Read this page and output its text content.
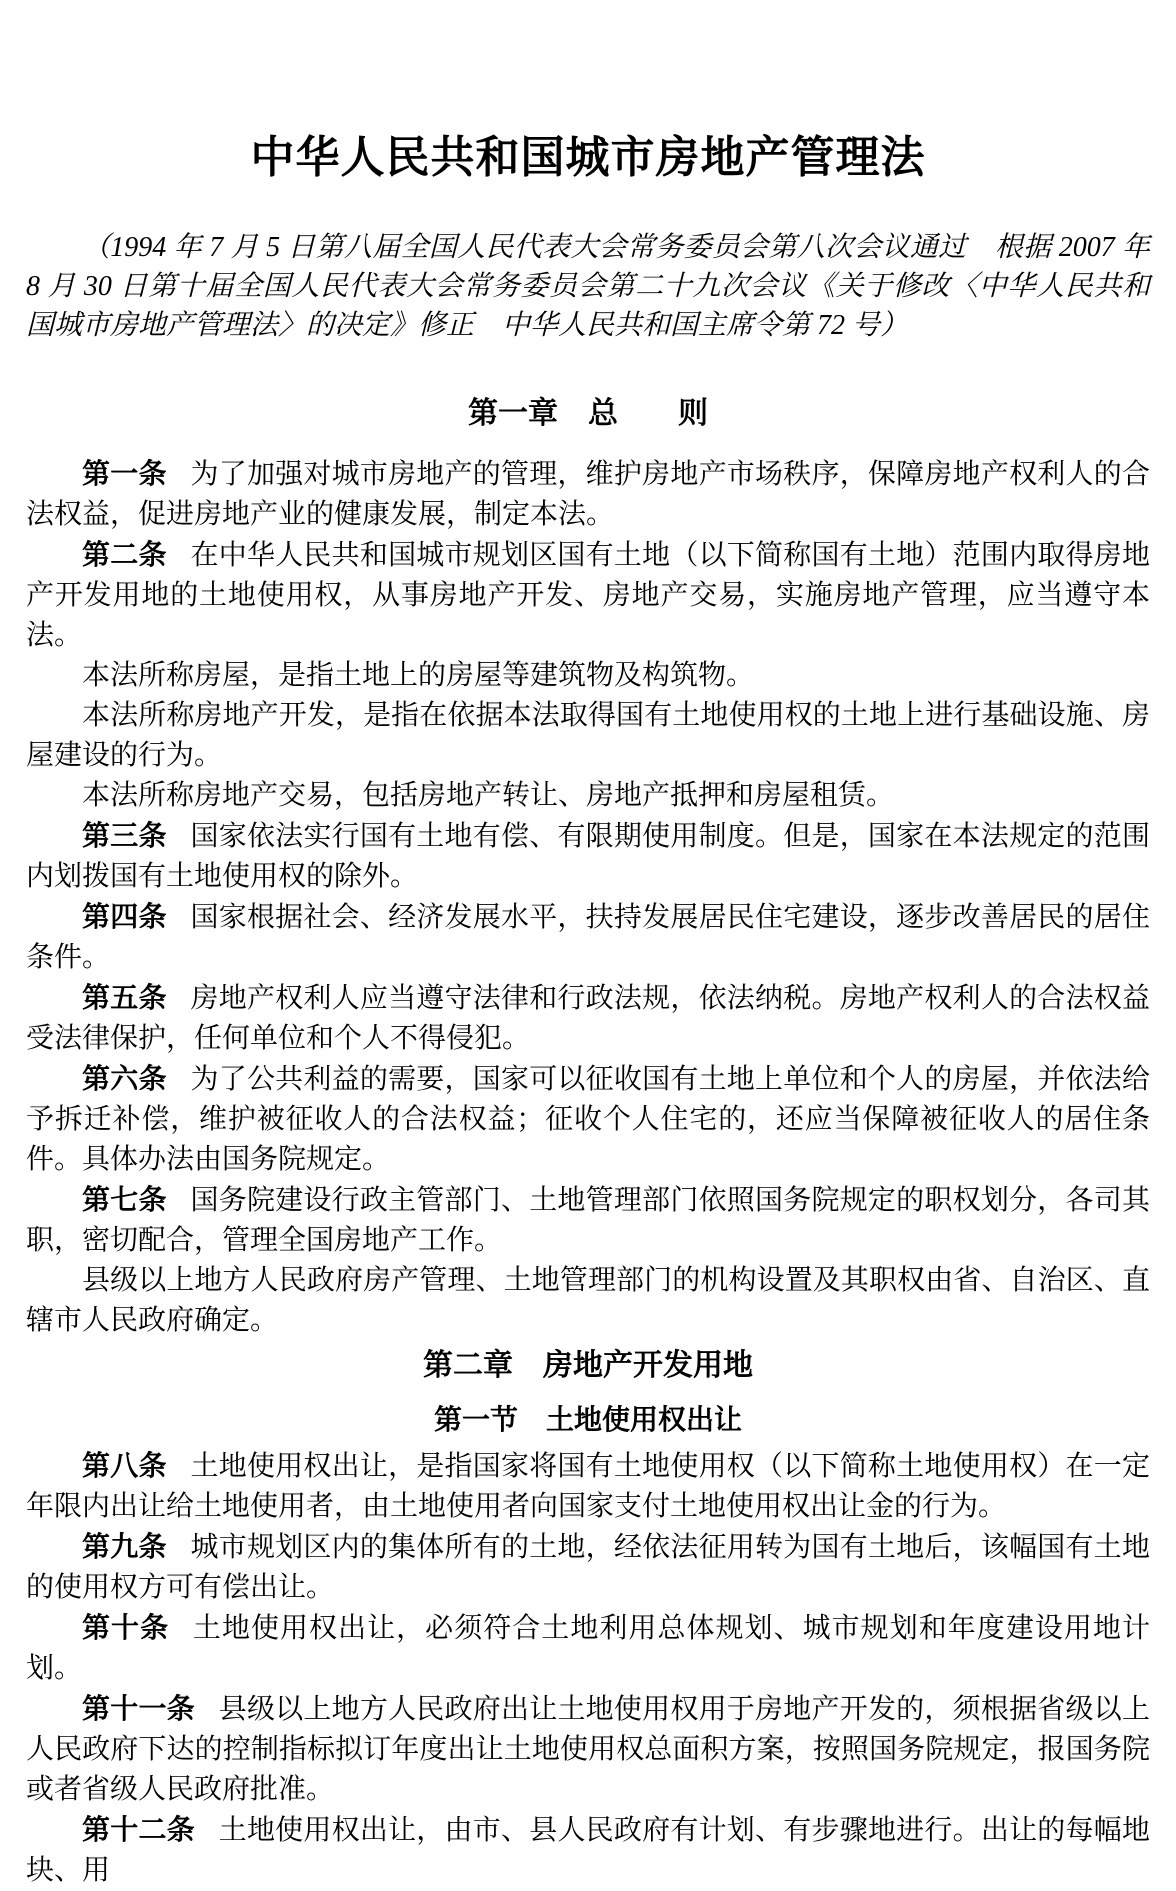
中华人民共和国城市房地产管理法

（1994 年 7 月 5 日第八届全国人民代表大会常务委员会第八次会议通过　根据 2007 年 8 月 30 日第十届全国人民代表大会常务委员会第二十九次会议《关于修改〈中华人民共和国城市房地产管理法〉的决定》修正　中华人民共和国主席令第 72 号）

第一章　总　　则

第一条 为了加强对城市房地产的管理，维护房地产市场秩序，保障房地产权利人的合法权益，促进房地产业的健康发展，制定本法。

第二条 在中华人民共和国城市规划区国有土地（以下简称国有土地）范围内取得房地产开发用地的土地使用权，从事房地产开发、房地产交易，实施房地产管理，应当遵守本法。

本法所称房屋，是指土地上的房屋等建筑物及构筑物。

本法所称房地产开发，是指在依据本法取得国有土地使用权的土地上进行基础设施、房屋建设的行为。

本法所称房地产交易，包括房地产转让、房地产抵押和房屋租赁。

第三条 国家依法实行国有土地有偿、有限期使用制度。但是，国家在本法规定的范围内划拨国有土地使用权的除外。

第四条 国家根据社会、经济发展水平，扶持发展居民住宅建设，逐步改善居民的居住条件。

第五条 房地产权利人应当遵守法律和行政法规，依法纳税。房地产权利人的合法权益受法律保护，任何单位和个人不得侵犯。

第六条 为了公共利益的需要，国家可以征收国有土地上单位和个人的房屋，并依法给予拆迁补偿，维护被征收人的合法权益；征收个人住宅的，还应当保障被征收人的居住条件。具体办法由国务院规定。

第七条 国务院建设行政主管部门、土地管理部门依照国务院规定的职权划分，各司其职，密切配合，管理全国房地产工作。

县级以上地方人民政府房产管理、土地管理部门的机构设置及其职权由省、自治区、直辖市人民政府确定。

第二章　房地产开发用地
第一节　土地使用权出让

第八条 土地使用权出让，是指国家将国有土地使用权（以下简称土地使用权）在一定年限内出让给土地使用者，由土地使用者向国家支付土地使用权出让金的行为。

第九条 城市规划区内的集体所有的土地，经依法征用转为国有土地后，该幅国有土地的使用权方可有偿出让。

第十条 土地使用权出让，必须符合土地利用总体规划、城市规划和年度建设用地计划。

第十一条 县级以上地方人民政府出让土地使用权用于房地产开发的，须根据省级以上人民政府下达的控制指标拟订年度出让土地使用权总面积方案，按照国务院规定，报国务院或者省级人民政府批准。

第十二条 土地使用权出让，由市、县人民政府有计划、有步骤地进行。出让的每幅地块、用
